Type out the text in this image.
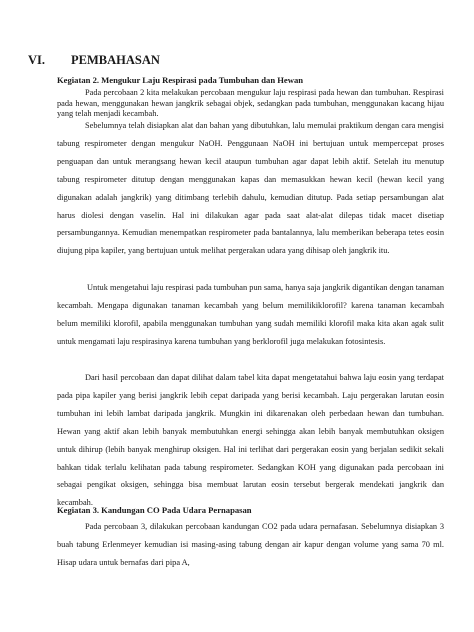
VI. PEMBAHASAN
Kegiatan 2. Mengukur Laju Respirasi pada Tumbuhan dan Hewan

Pada percobaan 2 kita melakukan percobaan mengukur laju respirasi pada hewan dan tumbuhan. Respirasi pada hewan, menggunakan hewan jangkrik sebagai objek, sedangkan pada tumbuhan, menggunakan kacang hijau yang telah menjadi kecambah.

Sebelumnya telah disiapkan alat dan bahan yang dibutuhkan, lalu memulai praktikum dengan cara mengisi tabung respirometer dengan mengukur NaOH. Penggunaan NaOH ini bertujuan untuk mempercepat proses penguapan dan untuk merangsang hewan kecil ataupun tumbuhan agar dapat lebih aktif. Setelah itu menutup tabung respirometer ditutup dengan menggunakan kapas dan memasukkan hewan kecil (hewan kecil yang digunakan adalah jangkrik) yang ditimbang terlebih dahulu, kemudian ditutup. Pada setiap persambungan alat harus diolesi dengan vaselin. Hal ini dilakukan agar pada saat alat-alat dilepas tidak macet disetiap persambungannya. Kemudian menempatkan respirometer pada bantalannya, lalu memberikan beberapa tetes eosin diujung pipa kapiler, yang bertujuan untuk melihat pergerakan udara yang dihisap oleh jangkrik itu.

Untuk mengetahui laju respirasi pada tumbuhan pun sama, hanya saja jangkrik digantikan dengan tanaman kecambah. Mengapa digunakan tanaman kecambah yang belum memilikiklorofil? karena tanaman kecambah belum memiliki klorofil, apabila menggunakan tumbuhan yang sudah memiliki klorofil maka kita akan agak sulit untuk mengamati laju respirasinya karena tumbuhan yang berklorofil juga melakukan fotosintesis.

Dari hasil percobaan dan dapat dilihat dalam tabel kita dapat mengetatahui bahwa laju eosin yang terdapat pada pipa kapiler yang berisi jangkrik lebih cepat daripada yang berisi kecambah. Laju pergerakan larutan eosin tumbuhan ini lebih lambat daripada jangkrik. Mungkin ini dikarenakan oleh perbedaan hewan dan tumbuhan. Hewan yang aktif akan lebih banyak membutuhkan energi sehingga akan lebih banyak membutuhkan oksigen untuk dihirup (lebih banyak menghirup oksigen. Hal ini terlihat dari pergerakan eosin yang berjalan sedikit sekali bahkan tidak terlalu kelihatan pada tabung respirometer. Sedangkan KOH yang digunakan pada percobaan ini sebagai pengikat oksigen, sehingga bisa membuat larutan eosin tersebut bergerak mendekati jangkrik dan kecambah.

Kegiatan 3. Kandungan CO Pada Udara Pernapasan

Pada percobaan 3, dilakukan percobaan kandungan CO2 pada udara pernafasan. Sebelumnya disiapkan 3 buah tabung Erlenmeyer kemudian isi masing-asing tabung dengan air kapur dengan volume yang sama 70 ml. Hisap udara untuk bernafas dari pipa A,
